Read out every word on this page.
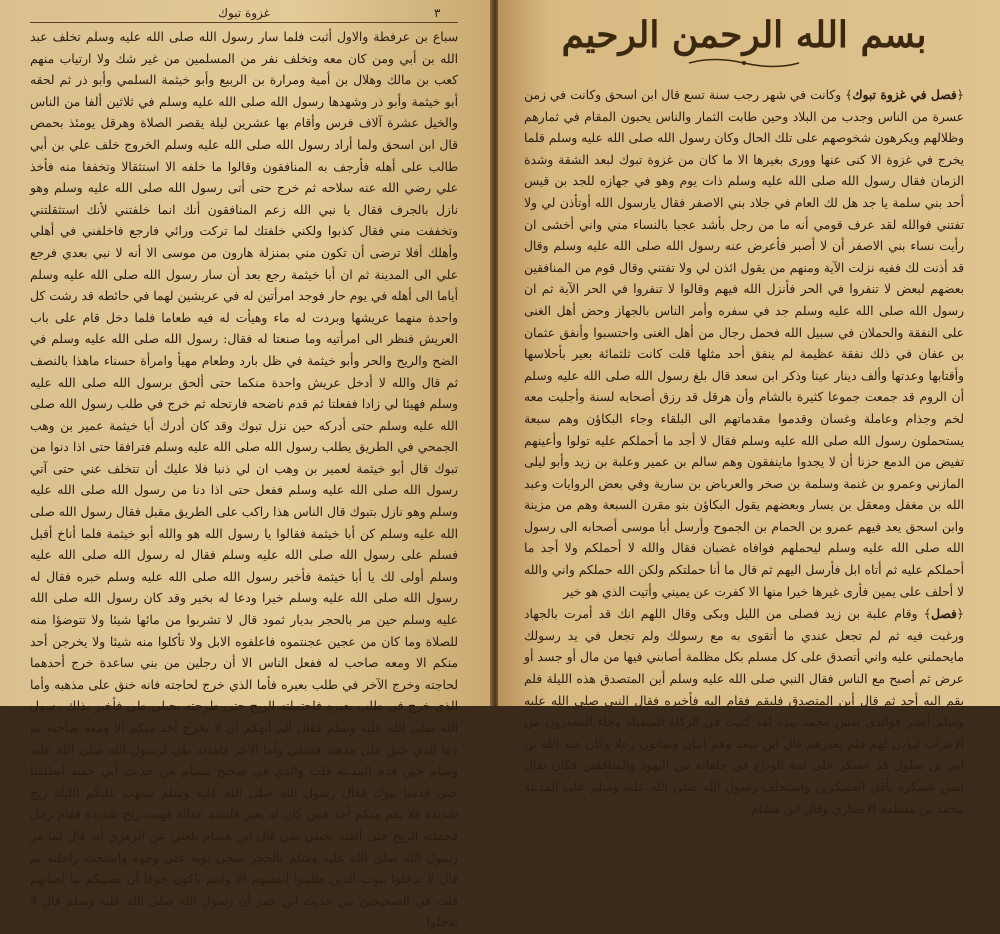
٣
غزوة تبوك

سباع بن عرفطة والاول أثبت فلما سار رسول الله صلى الله عليه وسلم تخلف عبد الله بن أبي ومن كان معه وتخلف نفر من المسلمين من غير شك ولا ارتياب منهم كعب بن مالك وهلال بن أمية ومرارة بن الربيع وأبو خيثمة السلمي وأبو ذر ثم لحقه أبو خيثمة وأبو ذر وشهدها رسول الله صلى الله عليه وسلم في ثلاثين ألفا من الناس والخيل عشرة آلاف فرس وأقام بها عشرين ليلة يقصر الصلاة وهرقل يومئذ بحمص قال ابن اسحق ولما أراد رسول الله صلى الله عليه وسلم الخروج خلف علي بن أبي طالب على أهله فأرجف به المنافقون وقالوا ما خلفه الا استثقالا وتخففا منه فأخذ علي رضي الله عنه سلاحه ثم خرج حتى أتى رسول الله صلى الله عليه وسلم وهو نازل بالجرف فقال يا نبي الله زعم المنافقون أنك انما خلفتني لأنك استثقلتني وتخففت مني فقال كذبوا ولكني خلفتك لما تركت ورائي فارجع فاخلفني في أهلي وأهلك أفلا ترضى أن تكون مني بمنزلة هارون من موسى الا أنه لا نبي بعدي فرجع علي الى المدينة ثم ان أبا خيثمة رجع بعد أن سار رسول الله صلى الله عليه وسلم أياما الى أهله في يوم حار فوجد امرأتين له في عريشين لهما في حائطه قد رشت كل واحدة منهما عريشها وبردت له ماء وهيأت له فيه طعاما فلما دخل قام على باب العريش فنظر الى امرأتيه وما صنعتا له فقال: رسول الله صلى الله عليه وسلم في الضح والريح والحر وأبو خيثمة في ظل بارد وطعام مهيأ وامرأة حسناء ماهذا بالنصف ثم قال والله لا أدخل عريش واحدة منكما حتى ألحق برسول الله صلى الله عليه وسلم فهيئا لي زادا ففعلتا ثم قدم ناضحه فارتحله ثم خرج في طلب رسول الله صلى الله عليه وسلم حتى أدركه حين نزل تبوك وقد كان أدرك أبا خيثمة عمير بن وهب الجمحي في الطريق يطلب رسول الله صلى الله عليه وسلم فترافقا حتى اذا دنوا من تبوك قال أبو خيثمة لعمير بن وهب ان لي ذنبا فلا عليك أن تتخلف عني حتى آتي رسول الله صلى الله عليه وسلم ففعل حتى اذا دنا من رسول الله صلى الله عليه وسلم وهو نازل بتبوك قال الناس هذا راكب على الطريق مقبل فقال رسول الله صلى الله عليه وسلم كن أبا خيثمة فقالوا يا رسول الله هو والله أبو خيثمة فلما أناخ أقبل فسلم على رسول الله صلى الله عليه وسلم فقال له رسول الله صلى الله عليه وسلم أولى لك يا أبا خيثمة فأخبر رسول الله صلى الله عليه وسلم خبره فقال له رسول الله صلى الله عليه وسلم خيرا ودعا له بخير وقد كان رسول الله صلى الله عليه وسلم حين مر بالحجر بديار ثمود قال لا تشربوا من مائها شيئا ولا تتوضؤا منه للصلاة وما كان من عجين عجنتموه فاعلفوه الابل ولا تأكلوا منه شيئا ولا يخرجن أحد منكم الا ومعه صاحب له ففعل الناس الا أن رجلين من بني ساعدة خرج أحدهما لحاجته وخرج الآخر في طلب بعيره فأما الذي خرج لحاجته فانه خنق على مذهبه وأما الذي خرج في طلب بعيره فاحتملته الريح حتى طرحته بجبلي طي فأخبر بذلك رسول الله صلى الله عليه وسلم فقال ألم أنهكم أن لا يخرج أحد منكم الا ومعه صاحبه ثم دعا للذي خنق على مذهبه فشفي وأما الآخر فاهدته طي لرسول الله صلى الله عليه وسلم حين قدم المدينة قلت والذي في صحيح مسلم من حديث أبي حميد انطلقنا حتى قدمنا تبوك فقال رسول الله صلى الله عليه وسلم ستهب عليكم الليلة ريح شديدة فلا يقم منكم أحد فمن كان له بعير فليشد عقاله فهبت ريح شديدة فقام رجل فحملته الريح حتى ألقته بجبلي طي قال ابن هشام بلغني عن الزهري أنه قال لما مر رسول الله صلى الله عليه وسلم بالحجر سجى ثوبه على وجهه واستحث راحلته ثم قال لا تدخلوا بيوت الذين ظلموا أنفسهم الا وأنتم باكون خوفا أن يصيبكم ما أصابهم قلت في الصحيحين من حديث ابن عمر أن رسول الله صلى الله عليه وسلم قال لا تدخلوا

بسم الله الرحمن الرحيم

﴿فصل في غزوة تبوك﴾ وكانت في شهر رجب سنة تسع قال ابن اسحق وكانت في زمن عسرة من الناس وجدب من البلاد وحين طابت الثمار والناس يحبون المقام في ثمارهم وظلالهم ويكرهون شخوصهم على تلك الحال وكان رسول الله صلى الله عليه وسلم قلما يخرج في غزوة الا كنى عنها وورى بغيرها الا ما كان من غزوة تبوك لبعد الشقة وشدة الزمان فقال رسول الله صلى الله عليه وسلم ذات يوم وهو في جهازه للجد بن قيس أحد بني سلمة يا جد هل لك العام في جلاد بني الاصفر فقال يارسول الله أوتأذن لي ولا تفتني فوالله لقد عرف قومي أنه ما من رجل بأشد عجبا بالنساء مني واني أخشى ان رأيت نساء بني الاصفر أن لا أصبر فأعرض عنه رسول الله صلى الله عليه وسلم وقال قد أذنت لك ففيه نزلت الآية ومنهم من يقول ائذن لي ولا تفتني وقال قوم من المنافقين بعضهم لبعض لا تنفروا في الحر فأنزل الله فيهم وقالوا لا تنفروا في الحر الآية ثم ان رسول الله صلى الله عليه وسلم جد في سفره وأمر الناس بالجهاز وحض أهل الغنى على النفقة والحملان في سبيل الله فحمل رجال من أهل الغنى واحتسبوا وأنفق عثمان بن عفان في ذلك نفقة عظيمة لم ينفق أحد مثلها قلت كانت ثلثمائة بعير بأحلاسها وأقتابها وعدتها وألف دينار عينا وذكر ابن سعد قال بلغ رسول الله صلى الله عليه وسلم أن الروم قد جمعت جموعا كثيرة بالشام وأن هرقل قد رزق أصحابه لسنة وأجلبت معه لخم وجذام وعاملة وغسان وقدموا مقدماتهم الى البلقاء وجاء البكاؤن وهم سبعة يستحملون رسول الله صلى الله عليه وسلم فقال لا أجد ما أحملكم عليه تولوا وأعينهم تفيض من الدمع حزنا أن لا يجدوا ماينفقون وهم سالم بن عمير وعلبة بن زيد وأبو ليلى المازني وعمرو بن غنمة وسلمة بن صخر والعرباض بن سارية وفي بعض الروايات وعبد الله بن مغفل ومعقل بن يسار وبعضهم يقول البكاؤن بنو مقرن السبعة وهم من مزينة وابن اسحق يعد فيهم عمرو بن الحمام بن الجموح وأرسل أبا موسى أصحابه الى رسول الله صلى الله عليه وسلم ليحملهم فوافاه غضبان فقال والله لا أحملكم ولا أجد ما أحملكم عليه ثم أتاه ابل فأرسل اليهم ثم قال ما أنا حملتكم ولكن الله حملكم واني والله لا أحلف على يمين فأرى غيرها خيرا منها الا كفرت عن يميني وأتيت الذي هو خير

﴿فصل﴾ وقام علبة بن زيد فصلى من الليل وبكى وقال اللهم انك قد أمرت بالجهاد ورغبت فيه ثم لم تجعل عندي ما أتقوى به مع رسولك ولم تجعل في يد رسولك مايحملني عليه واني أتصدق على كل مسلم بكل مظلمة أصابني فيها من مال أو جسد أو عرض ثم أصبح مع الناس فقال النبي صلى الله عليه وسلم أين المتصدق هذه الليلة فلم يقم اليه أحد ثم قال أين المتصدق فليقم فقام اليه فأخبره فقال النبي صلى الله عليه وسلم أبشر فوالذي نفس محمد بيده لقد كتبت في الزكاة المتقبلة وجاء المعذرون من الاعراب ليؤذن لهم فلم يعذرهم قال ابن سعد وهم اثنان وثمانون رجلا وكان عبد الله بن أبي بن سلول قد عسكر على ثنية الوداع في حلفائه من اليهود والمنافقين فكان يقال ليس عسكره بأقل العسكرين واستخلف رسول الله صلى الله عليه وسلم على المدينة محمد بن مسلمة الانصاري وقال ابن هشام
